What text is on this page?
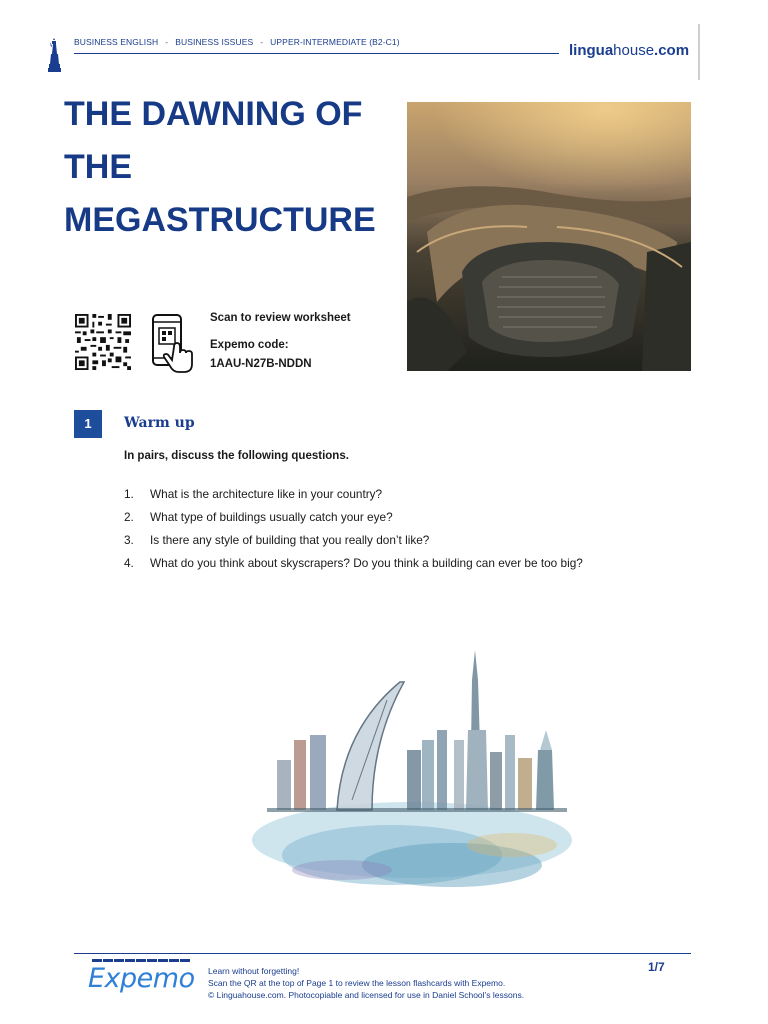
BUSINESS ENGLISH - BUSINESS ISSUES - UPPER-INTERMEDIATE (B2-C1)	linguahouse.com
THE DAWNING OF
THE
MEGASTRUCTURE
Scan to review worksheet
Expemo code:
1AAU-N27B-NDDN
1	Warm up
In pairs, discuss the following questions.
1. What is the architecture like in your country?
2. What type of buildings usually catch your eye?
3. Is there any style of building that you really don’t like?
4. What do you think about skyscrapers? Do you think a building can ever be too big?
▬▬▬▬▬▬▬▬▬
Expemo Learn without forgetting!
Scan the QR at the top of Page 1 to review the lesson flashcards with Expemo.
© Linguahouse.com. Photocopiable and licensed for use in Daniel School’s lessons.
1/7
